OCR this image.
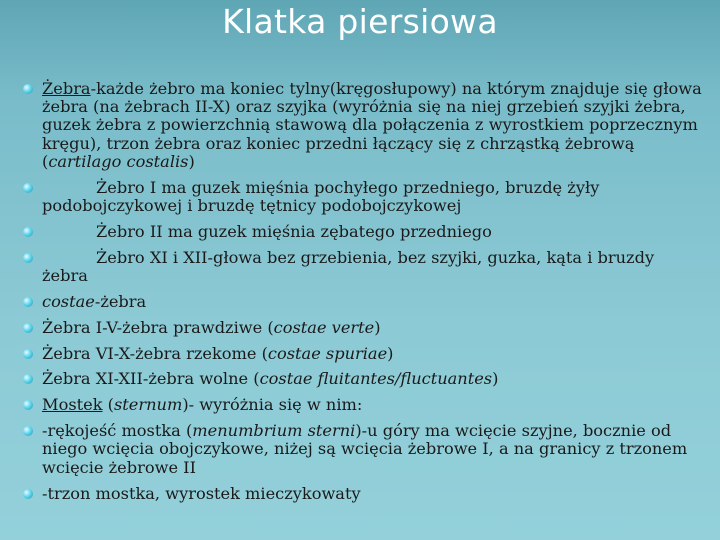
Klatka piersiowa
Żebra-każde żebro ma koniec tylny(kręgosłupowy) na którym znajduje się głowa żebra (na żebrach II-X) oraz szyjka (wyróżnia się na niej grzebień szyjki żebra, guzek żebra z powierzchnią stawową dla połączenia z wyrostkiem poprzecznym kręgu), trzon żebra oraz koniec przedni łączący się z chrząstką żebrową (cartilago costalis)
Żebro I ma guzek mięśnia pochyłego przedniego, bruzdę żyły podobojczykowej i bruzdę tętnicy podobojczykowej
Żebro II ma guzek mięśnia zębatego przedniego
Żebro XI i XII-głowa bez grzebienia, bez szyjki, guzka, kąta i bruzdy żebra
costae-żebra
Żebra I-V-żebra prawdziwe (costae verte)
Żebra VI-X-żebra rzekome (costae spuriae)
Żebra XI-XII-żebra wolne (costae fluitantes/fluctuantes)
Mostek (sternum)- wyróżnia się w nim:
-rękojeść mostka (menumbrium sterni)-u góry ma wcięcie szyjne, bocznie od niego wcięcia obojczykowe, niżej są wcięcia żebrowe I, a na granicy z trzonem wcięcie żebrowe II
-trzon mostka, wyrostek mieczykowaty
